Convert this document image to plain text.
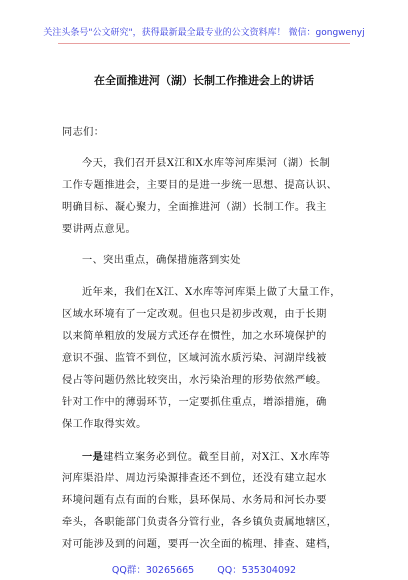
关注头条号"公文研究"，获得最新最全最专业的公文资料库！ 微信：gongwenyj
在全面推进河（湖）长制工作推进会上的讲话
同志们：
今天，我们召开县X江和X水库等河库渠河（湖）长制
工作专题推进会，主要目的是进一步统一思想、提高认识、
明确目标、凝心聚力，全面推进河（湖）长制工作。我主
要讲两点意见。
一、突出重点，确保措施落到实处
近年来，我们在X江、X水库等河库渠上做了大量工作，
区域水环境有了一定改观。但也只是初步改观，由于长期
以来简单粗放的发展方式还存在惯性，加之水环境保护的
意识不强、监管不到位，区域河流水质污染、河湖岸线被
侵占等问题仍然比较突出，水污染治理的形势依然严峻。
针对工作中的薄弱环节，一定要抓住重点，增添措施，确
保工作取得实效。
一是建档立案务必到位。截至目前，对X江、X水库等
河库渠沿岸、周边污染源排查还不到位，还没有建立起水
环境问题有点有面的台账，县环保局、水务局和河长办要
牵头，各职能部门负责各分管行业，各乡镇负责属地辖区，
对可能涉及到的问题，要再一次全面的梳理、排查、建档，
QQ群：30265665 QQ：535304092
